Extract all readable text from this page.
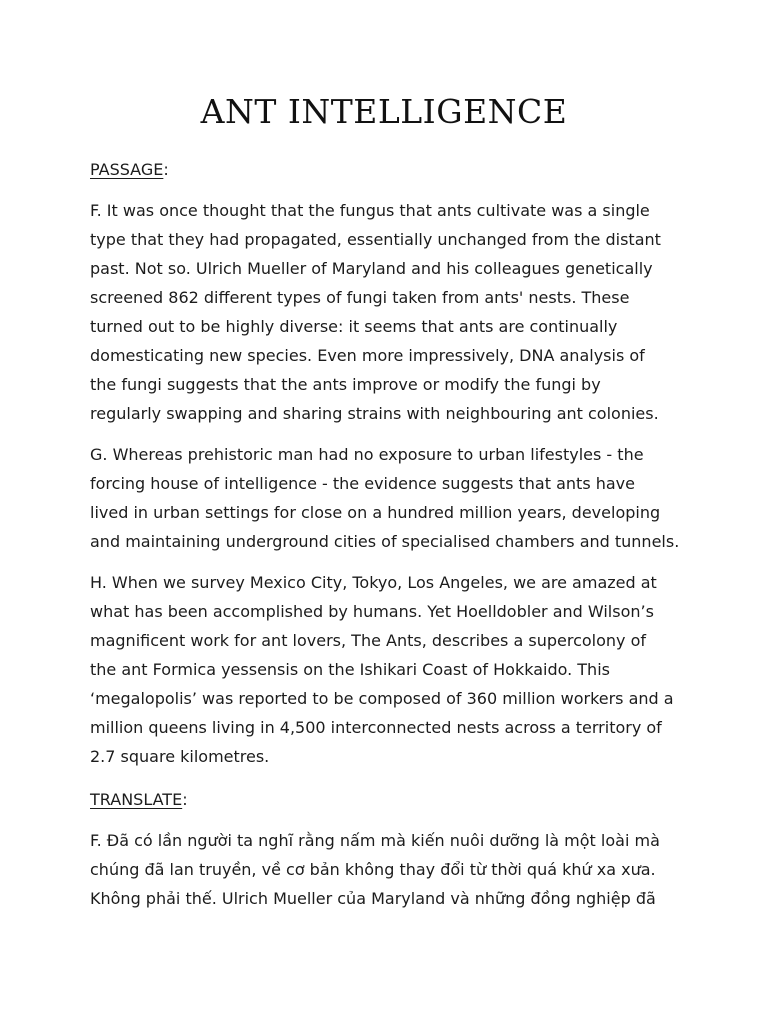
ANT INTELLIGENCE
PASSAGE:
F. It was once thought that the fungus that ants cultivate was a single
type that they had propagated, essentially unchanged from the distant
past. Not so. Ulrich Mueller of Maryland and his colleagues genetically
screened 862 different types of fungi taken from ants' nests. These
turned out to be highly diverse: it seems that ants are continually
domesticating new species. Even more impressively, DNA analysis of
the fungi suggests that the ants improve or modify the fungi by
regularly swapping and sharing strains with neighbouring ant colonies.
G. Whereas prehistoric man had no exposure to urban lifestyles - the
forcing house of intelligence - the evidence suggests that ants have
lived in urban settings for close on a hundred million years, developing
and maintaining underground cities of specialised chambers and tunnels.
H. When we survey Mexico City, Tokyo, Los Angeles, we are amazed at
what has been accomplished by humans. Yet Hoelldobler and Wilson’s
magnificent work for ant lovers, The Ants, describes a supercolony of
the ant Formica yessensis on the Ishikari Coast of Hokkaido. This
‘megalopolis’ was reported to be composed of 360 million workers and a
million queens living in 4,500 interconnected nests across a territory of
2.7 square kilometres.
TRANSLATE:
F. Đã có lần người ta nghĩ rằng nấm mà kiến nuôi dưỡng là một loài mà
chúng đã lan truyền, về cơ bản không thay đổi từ thời quá khứ xa xưa.
Không phải thế. Ulrich Mueller của Maryland và những đồng nghiệp đã
